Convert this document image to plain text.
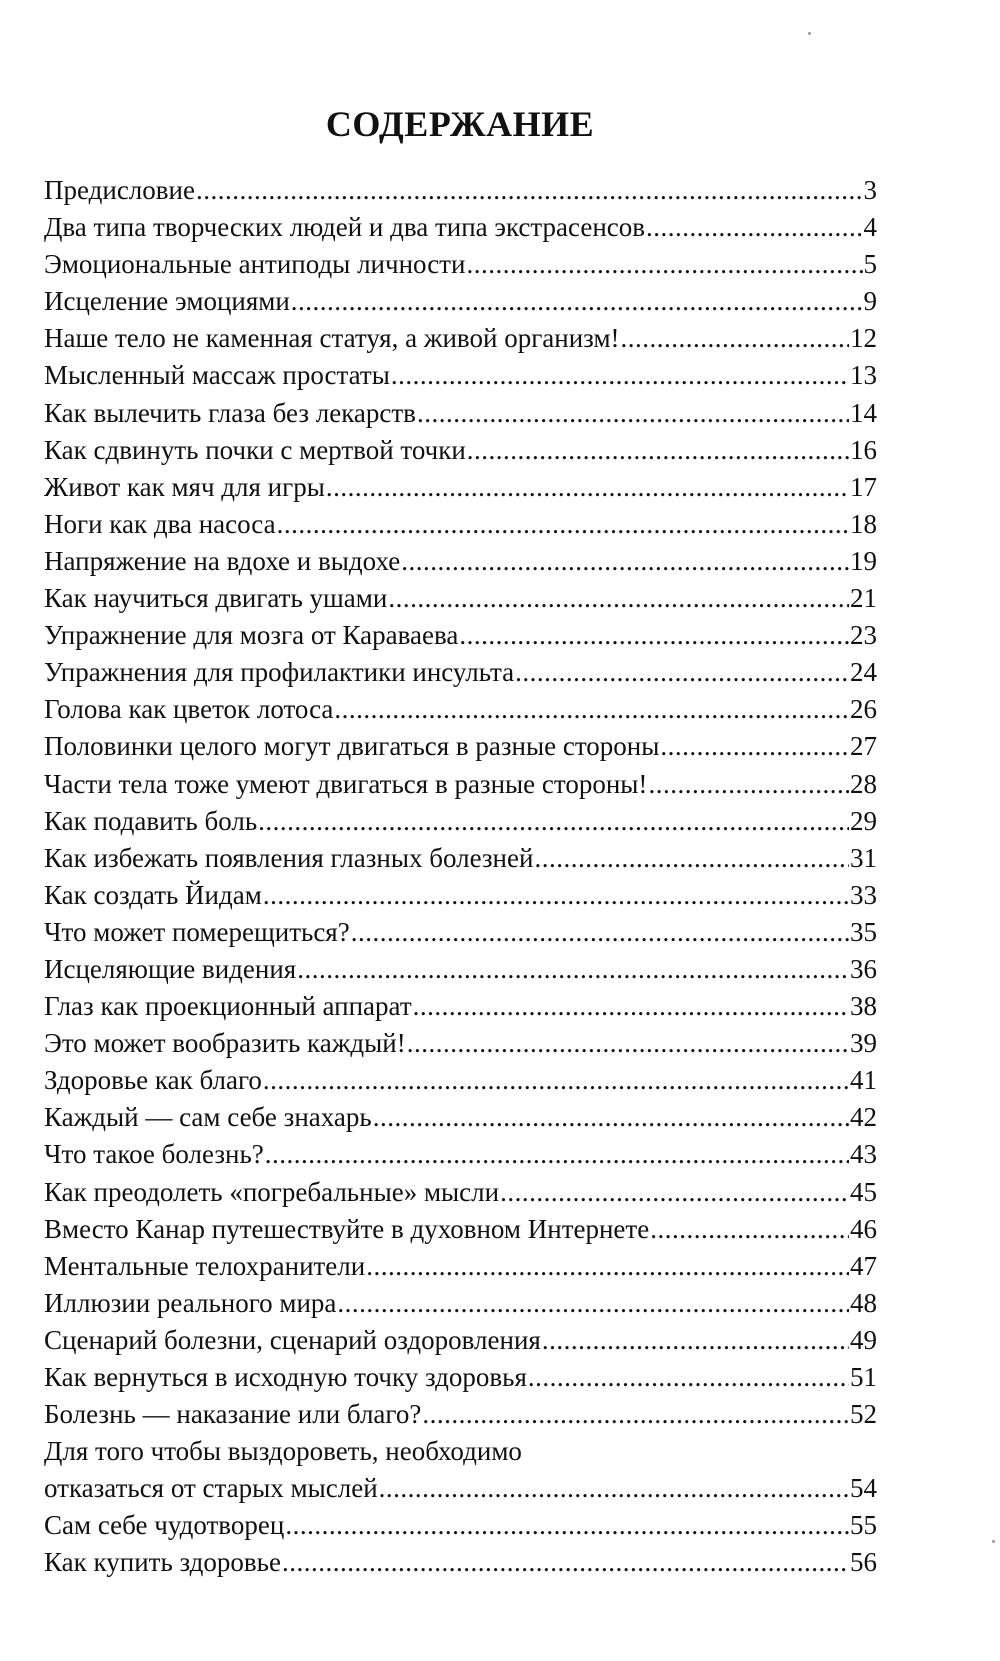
СОДЕРЖАНИЕ
Предисловие .....	3
Два типа творческих людей и два типа экстрасенсов .....	4
Эмоциональные антиподы личности .....	5
Исцеление эмоциями .....	9
Наше тело не каменная статуя, а живой организм! .....	12
Мысленный массаж простаты .....	13
Как вылечить глаза без лекарств .....	14
Как сдвинуть почки с мертвой точки .....	16
Живот как мяч для игры .....	17
Ноги как два насоса .....	18
Напряжение на вдохе и выдохе .....	19
Как научиться двигать ушами .....	21
Упражнение для мозга от Караваева .....	23
Упражнения для профилактики инсульта .....	24
Голова как цветок лотоса .....	26
Половинки целого могут двигаться в разные стороны .....	27
Части тела тоже умеют двигаться в разные стороны! .....	28
Как подавить боль .....	29
Как избежать появления глазных болезней .....	31
Как создать Йидам .....	33
Что может померещиться? .....	35
Исцеляющие видения .....	36
Глаз как проекционный аппарат .....	38
Это может вообразить каждый! .....	39
Здоровье как благо .....	41
Каждый — сам себе знахарь .....	42
Что такое болезнь? .....	43
Как преодолеть «погребальные» мысли .....	45
Вместо Канар путешествуйте в духовном Интернете .....	46
Ментальные телохранители .....	47
Иллюзии реального мира .....	48
Сценарий болезни, сценарий оздоровления .....	49
Как вернуться в исходную точку здоровья .....	51
Болезнь — наказание или благо? .....	52
Для того чтобы выздороветь, необходимо
отказаться от старых мыслей .....	54
Сам себе чудотворец .....	55
Как купить здоровье .....	56
